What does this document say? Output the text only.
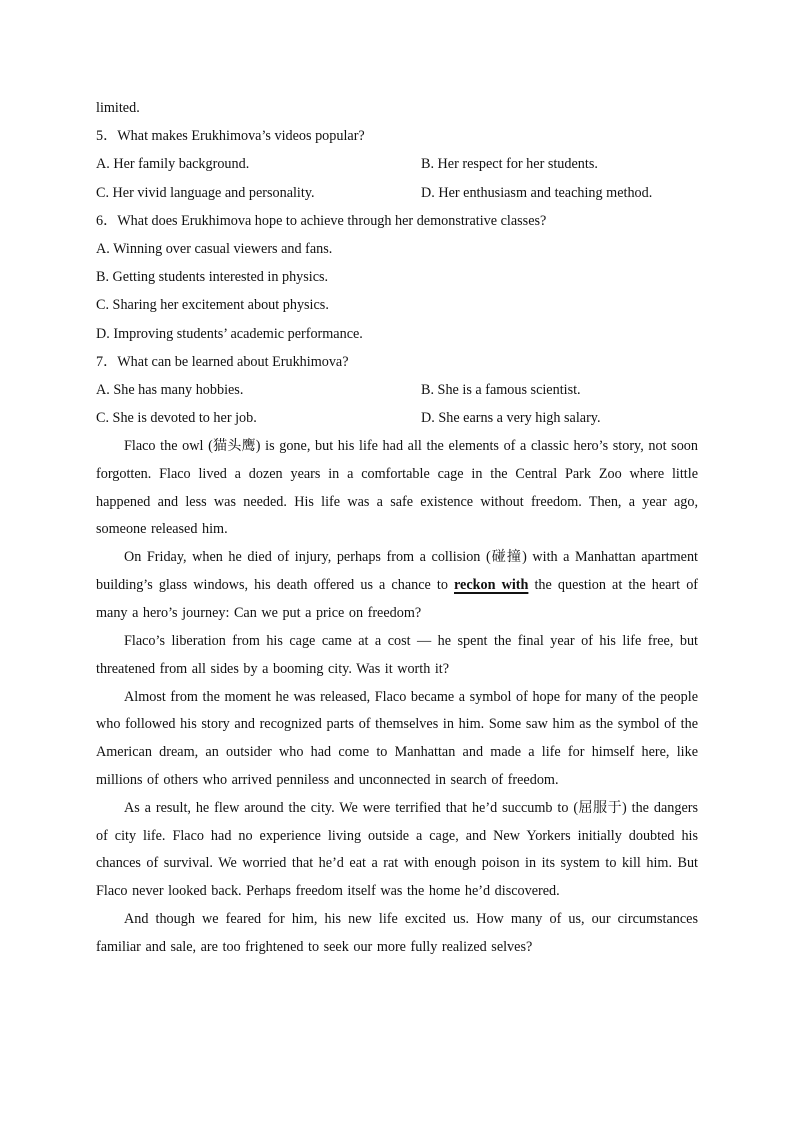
limited.
5．What makes Erukhimova’s videos popular?
A. Her family background.	B. Her respect for her students.
C. Her vivid language and personality.	D. Her enthusiasm and teaching method.
6．What does Erukhimova hope to achieve through her demonstrative classes?
A. Winning over casual viewers and fans.
B. Getting students interested in physics.
C. Sharing her excitement about physics.
D. Improving students’ academic performance.
7．What can be learned about Erukhimova?
A. She has many hobbies.	B. She is a famous scientist.
C. She is devoted to her job.	D. She earns a very high salary.

Flaco the owl (猫头鹰) is gone, but his life had all the elements of a classic hero’s story, not soon forgotten. Flaco lived a dozen years in a comfortable cage in the Central Park Zoo where little happened and less was needed. His life was a safe existence without freedom. Then, a year ago, someone released him.

On Friday, when he died of injury, perhaps from a collision (碰撞) with a Manhattan apartment building’s glass windows, his death offered us a chance to reckon with the question at the heart of many a hero’s journey: Can we put a price on freedom?

Flaco’s liberation from his cage came at a cost — he spent the final year of his life free, but threatened from all sides by a booming city. Was it worth it?

Almost from the moment he was released, Flaco became a symbol of hope for many of the people who followed his story and recognized parts of themselves in him. Some saw him as the symbol of the American dream, an outsider who had come to Manhattan and made a life for himself here, like millions of others who arrived penniless and unconnected in search of freedom.

As a result, he flew around the city. We were terrified that he’d succumb to (屈服于) the dangers of city life. Flaco had no experience living outside a cage, and New Yorkers initially doubted his chances of survival. We worried that he’d eat a rat with enough poison in its system to kill him. But Flaco never looked back. Perhaps freedom itself was the home he’d discovered.

And though we feared for him, his new life excited us. How many of us, our circumstances familiar and sale, are too frightened to seek our more fully realized selves?
